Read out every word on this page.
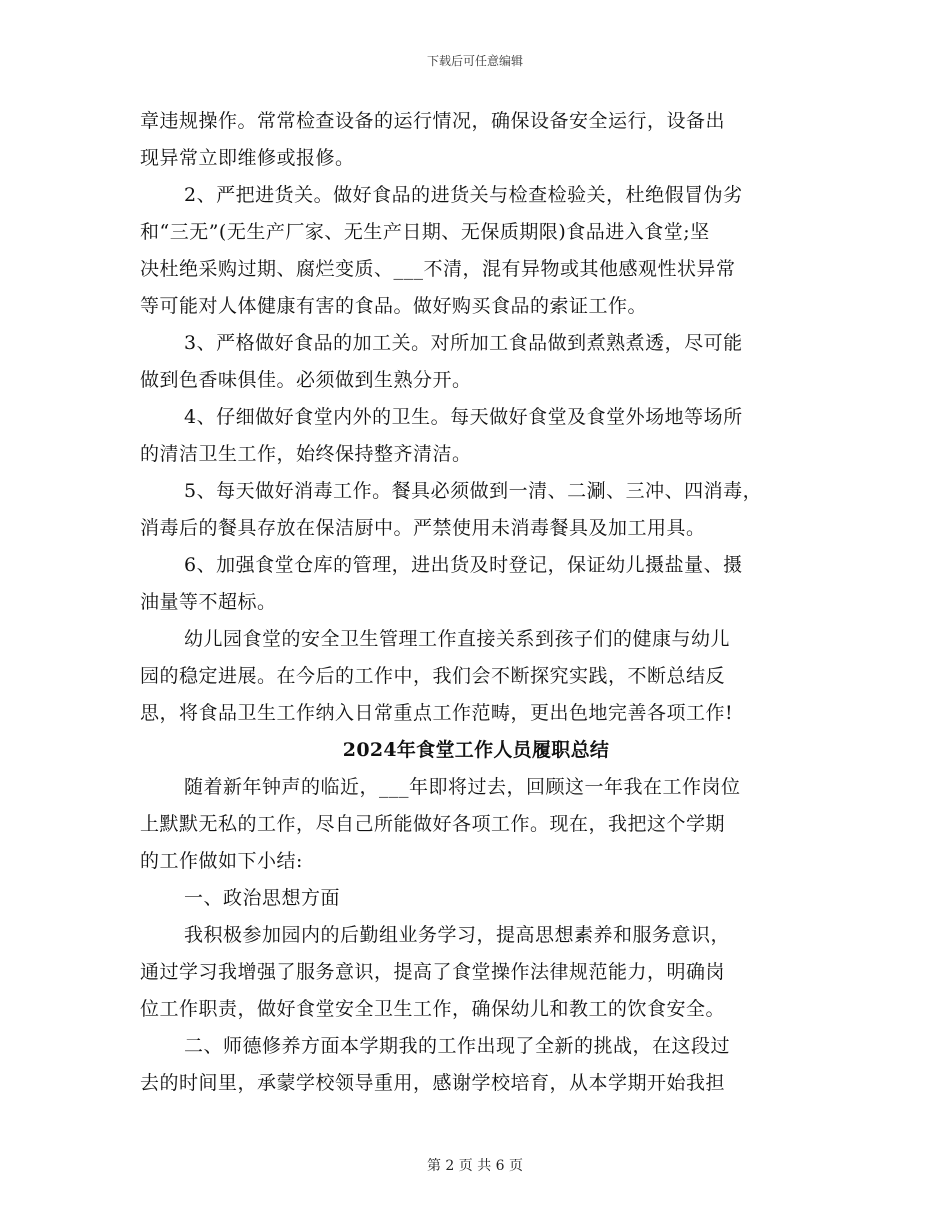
下载后可任意编辑
章违规操作。常常检查设备的运行情况，确保设备安全运行，设备出
现异常立即维修或报修。
2、严把进货关。做好食品的进货关与检查检验关，杜绝假冒伪劣
和“三无”(无生产厂家、无生产日期、无保质期限)食品进入食堂;坚
决杜绝采购过期、腐烂变质、___不清，混有异物或其他感观性状异常
等可能对人体健康有害的食品。做好购买食品的索证工作。
3、严格做好食品的加工关。对所加工食品做到煮熟煮透，尽可能
做到色香味俱佳。必须做到生熟分开。
4、仔细做好食堂内外的卫生。每天做好食堂及食堂外场地等场所
的清洁卫生工作，始终保持整齐清洁。
5、每天做好消毒工作。餐具必须做到一清、二涮、三冲、四消毒，
消毒后的餐具存放在保洁厨中。严禁使用未消毒餐具及加工用具。
6、加强食堂仓库的管理，进出货及时登记，保证幼儿摄盐量、摄
油量等不超标。
幼儿园食堂的安全卫生管理工作直接关系到孩子们的健康与幼儿
园的稳定进展。在今后的工作中，我们会不断探究实践，不断总结反
思，将食品卫生工作纳入日常重点工作范畴，更出色地完善各项工作!
2024年食堂工作人员履职总结
随着新年钟声的临近，___年即将过去，回顾这一年我在工作岗位
上默默无私的工作，尽自己所能做好各项工作。现在，我把这个学期
的工作做如下小结:
一、政治思想方面
我积极参加园内的后勤组业务学习，提高思想素养和服务意识，
通过学习我增强了服务意识，提高了食堂操作法律规范能力，明确岗
位工作职责，做好食堂安全卫生工作，确保幼儿和教工的饮食安全。
二、师德修养方面本学期我的工作出现了全新的挑战，在这段过
去的时间里，承蒙学校领导重用，感谢学校培育，从本学期开始我担
第 2 页 共 6 页
